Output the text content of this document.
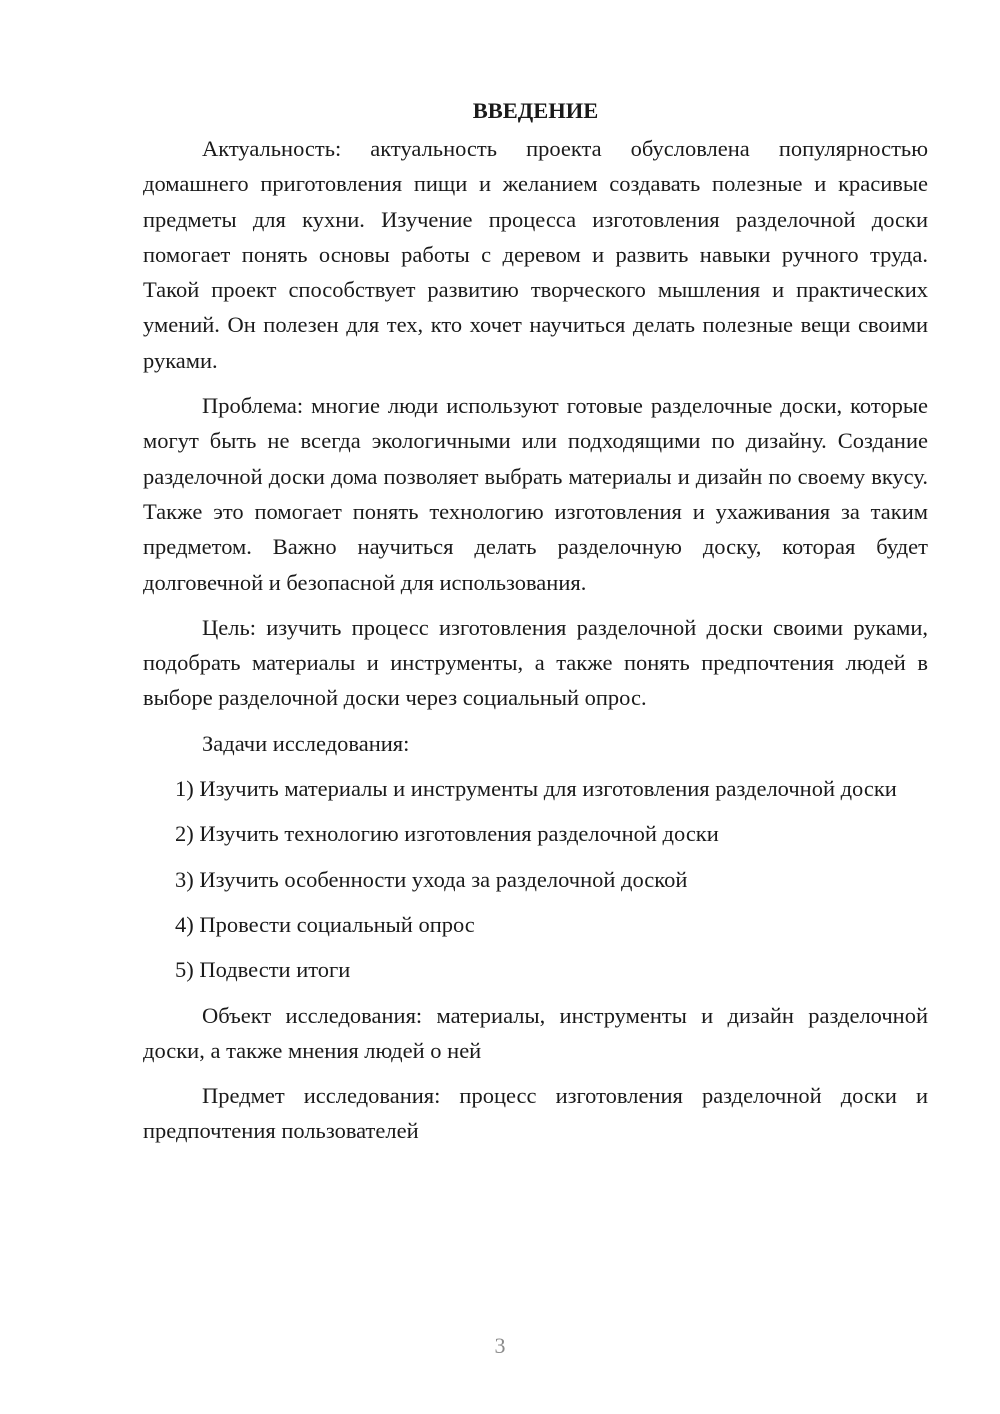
ВВЕДЕНИЕ

Актуальность: актуальность проекта обусловлена популярностью домашнего приготовления пищи и желанием создавать полезные и красивые предметы для кухни. Изучение процесса изготовления разделочной доски помогает понять основы работы с деревом и развить навыки ручного труда. Такой проект способствует развитию творческого мышления и практических умений. Он полезен для тех, кто хочет научиться делать полезные вещи своими руками.

Проблема: многие люди используют готовые разделочные доски, которые могут быть не всегда экологичными или подходящими по дизайну. Создание разделочной доски дома позволяет выбрать материалы и дизайн по своему вкусу. Также это помогает понять технологию изготовления и ухаживания за таким предметом. Важно научиться делать разделочную доску, которая будет долговечной и безопасной для использования.

Цель: изучить процесс изготовления разделочной доски своими руками, подобрать материалы и инструменты, а также понять предпочтения людей в выборе разделочной доски через социальный опрос.

Задачи исследования:

1) Изучить материалы и инструменты для изготовления разделочной доски

2) Изучить технологию изготовления разделочной доски

3) Изучить особенности ухода за разделочной доской

4) Провести социальный опрос

5) Подвести итоги

Объект исследования: материалы, инструменты и дизайн разделочной доски, а также мнения людей о ней

Предмет исследования: процесс изготовления разделочной доски и предпочтения пользователей

3
